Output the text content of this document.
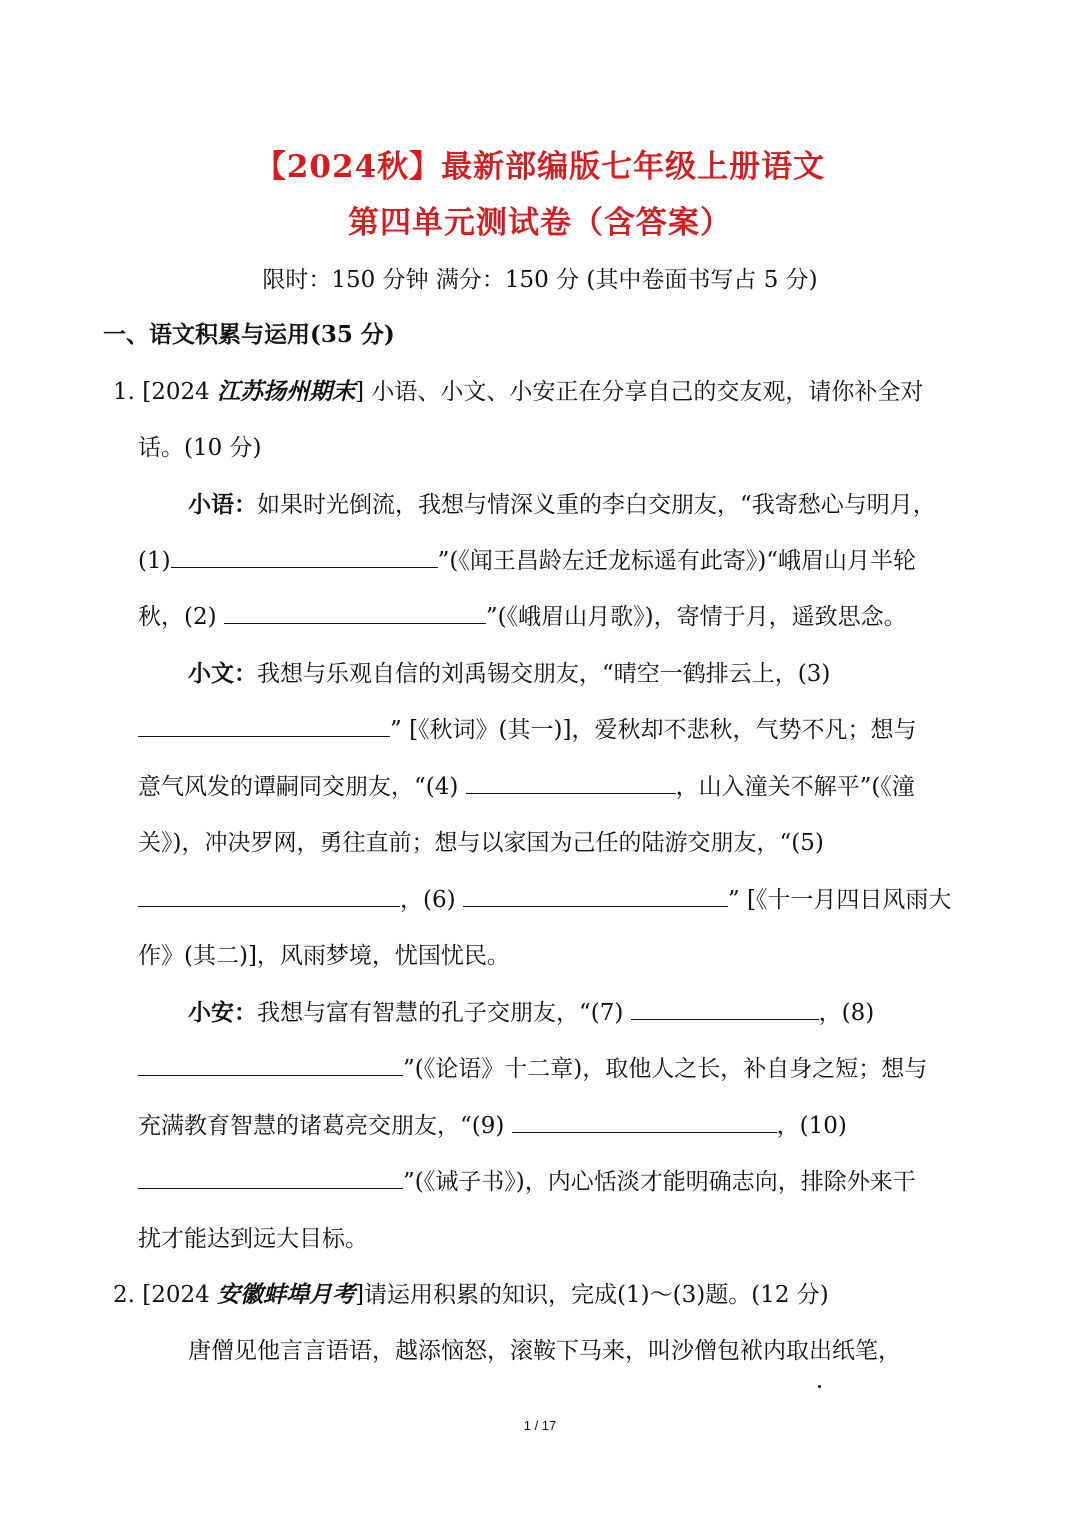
【2024秋】最新部编版七年级上册语文
第四单元测试卷（含答案）
限时：150 分钟 满分：150 分 (其中卷面书写占 5 分)
一、语文积累与运用(35 分)
1. [2024 江苏扬州期末] 小语、小文、小安正在分享自己的交友观，请你补全对
话。(10 分)
小语：如果时光倒流，我想与情深义重的李白交朋友，“我寄愁心与明月，
(1)	”(《闻王昌龄左迁龙标遥有此寄》)“峨眉山月半轮
秋，(2)	”(《峨眉山月歌》)，寄情于月，遥致思念。
小文：我想与乐观自信的刘禹锡交朋友，“晴空一鹤排云上，(3)
” [《秋词》(其一)]，爱秋却不悲秋，气势不凡；想与
意气风发的谭嗣同交朋友，“(4)	，山入潼关不解平”(《潼
关》)，冲决罗网，勇往直前；想与以家国为己任的陆游交朋友，“(5)
，(6)	” [《十一月四日风雨大
作》(其二)]，风雨梦境，忧国忧民。
小安：我想与富有智慧的孔子交朋友，“(7)	，(8)
”(《论语》十二章)，取他人之长，补自身之短；想与
充满教育智慧的诸葛亮交朋友，“(9)	，(10)
”(《诫子书》)，内心恬淡才能明确志向，排除外来干
扰才能达到远大目标。
2. [2024 安徽蚌埠月考]请运用积累的知识，完成(1)～(3)题。(12 分)
唐僧见他言言语语，越添恼怒，滚鞍下马来，叫沙僧包袱内取出纸笔，
1 / 17
